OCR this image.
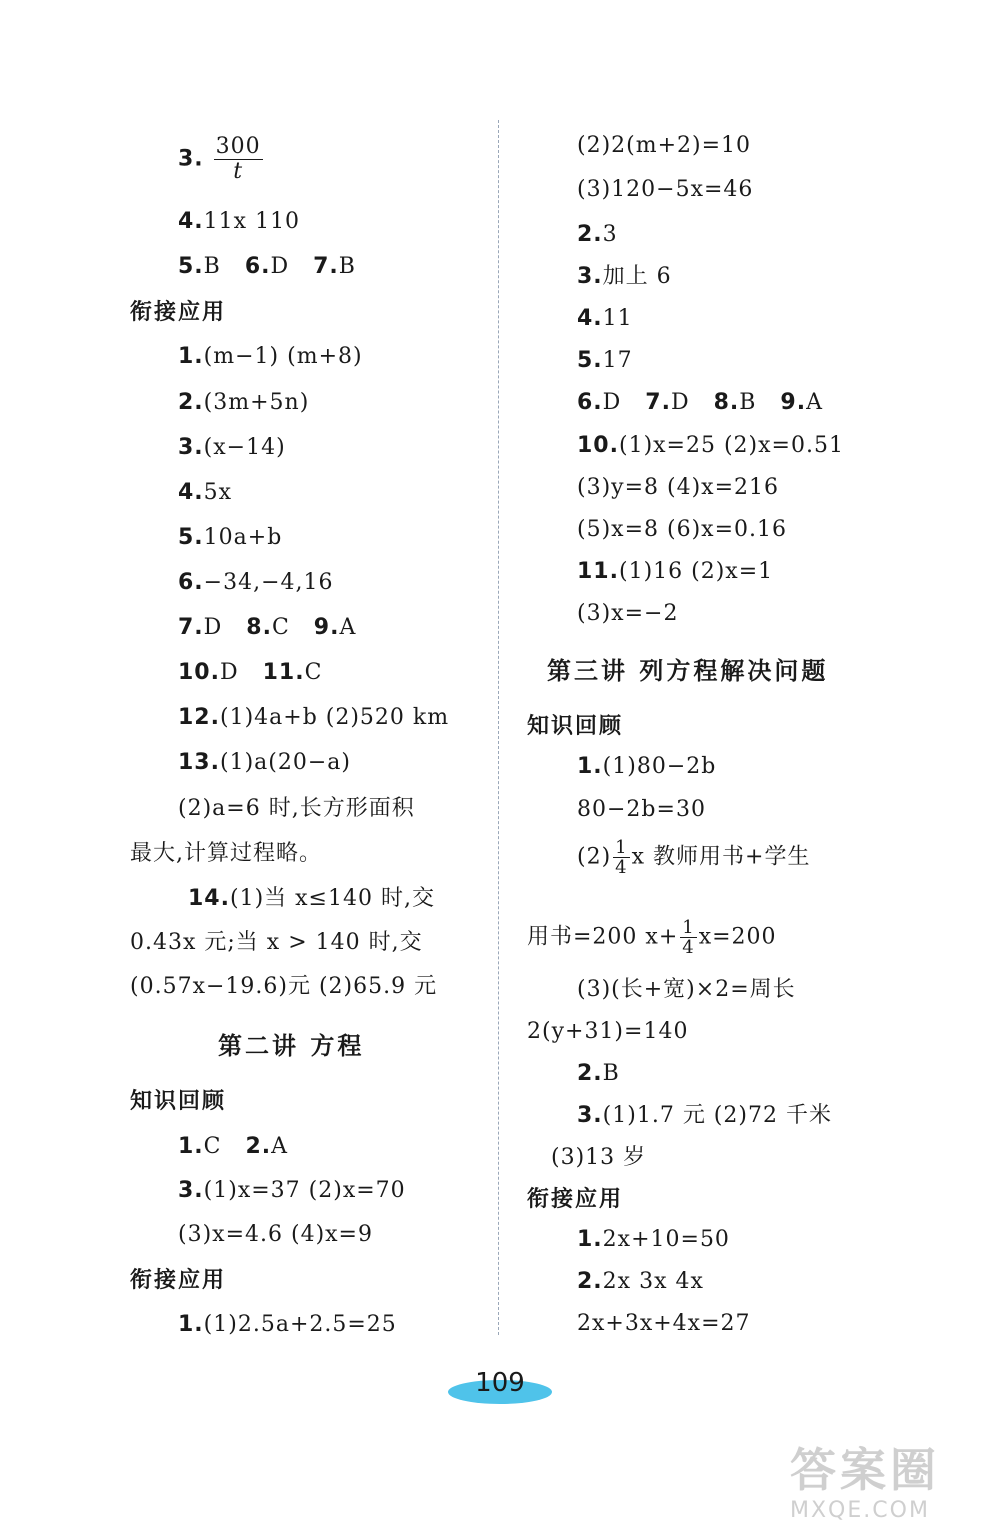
3. $\frac{300}{t}$
4.11x 110
5.B 6.D 7.B
衔接应用
1.(m−1) (m+8)
2.(3m+5n)
3.(x−14)
4.5x
5.10a+b
6.−34,−4,16
7.D 8.C 9.A
10.D 11.C
12.(1)4a+b (2)520 km
13.(1)a(20−a)
(2)a=6 时,长方形面积
最大,计算过程略。
14.(1)当 x≤140 时,交
0.43x 元;当 x > 140 时,交
(0.57x−19.6)元 (2)65.9 元
第二讲 方程
知识回顾
1.C 2.A
3.(1)x=37 (2)x=70
(3)x=4.6 (4)x=9
衔接应用
1.(1)2.5a+2.5=25
(2)2(m+2)=10
(3)120−5x=46
2.3
3.加上 6
4.11
5.17
6.D 7.D 8.B 9.A
10.(1)x=25 (2)x=0.51
(3)y=8 (4)x=216
(5)x=8 (6)x=0.16
11.(1)16 (2)x=1
(3)x=−2
第三讲 列方程解决问题
知识回顾
1.(1)80−2b
80−2b=30
$(2) \frac{1}{4}$ x 教师用书+学生
用书=200 $x+ \frac{1}{4} x=200$
(3)(长+宽)×2=周长
2(y+31)=140
2.B
3.(1)1.7 元 (2)72 千米
(3)13 岁
衔接应用
1.2x+10=50
2.2x 3x 4x
2x+3x+4x=27
109
答案圈
MXQE.COM
